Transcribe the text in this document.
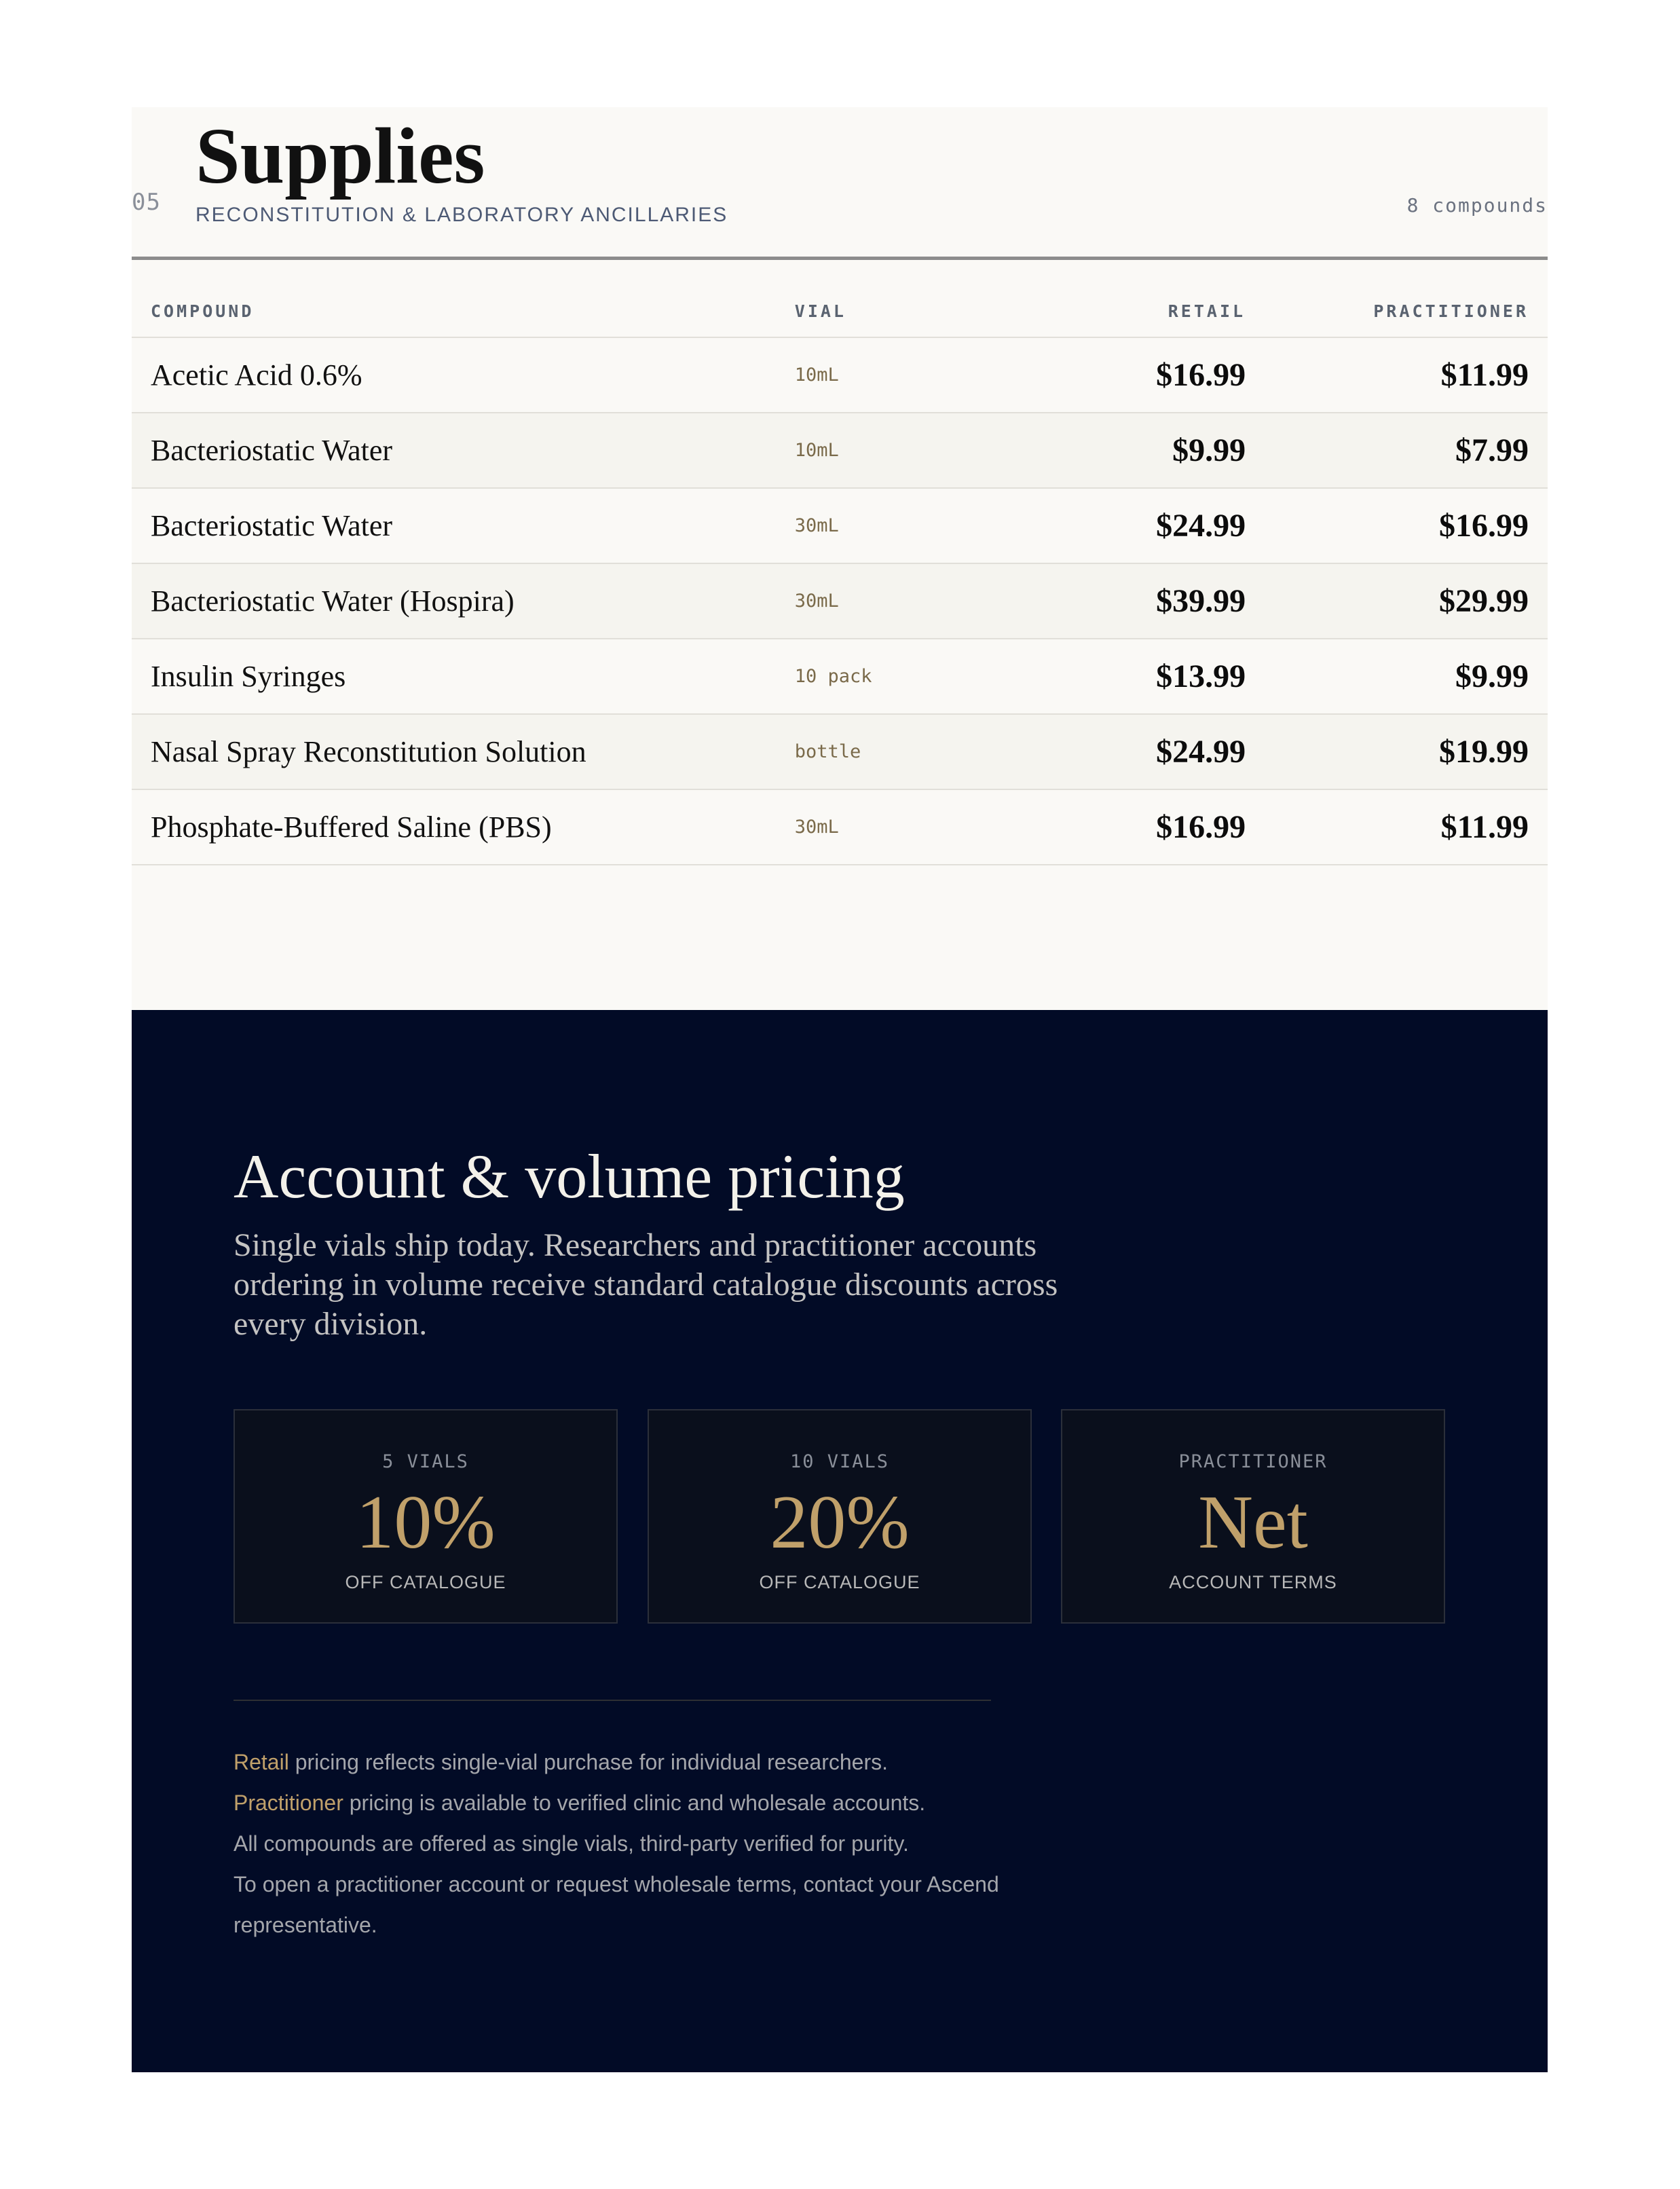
05
Supplies
RECONSTITUTION & LABORATORY ANCILLARIES	8 compounds
COMPOUND	VIAL	RETAIL	PRACTITIONER
Acetic Acid 0.6%	10mL	$16.99	$11.99
Bacteriostatic Water	10mL	$9.99	$7.99
Bacteriostatic Water	30mL	$24.99	$16.99
Bacteriostatic Water (Hospira)	30mL	$39.99	$29.99
Insulin Syringes	10 pack	$13.99	$9.99
Nasal Spray Reconstitution Solution	bottle	$24.99	$19.99
Phosphate-Buffered Saline (PBS)	30mL	$16.99	$11.99
Account & volume pricing

Single vials ship today. Researchers and practitioner accounts ordering in volume receive standard catalogue discounts across every division.

5 VIALS
10%
OFF CATALOGUE
10 VIALS
20%
OFF CATALOGUE
PRACTITIONER
Net
ACCOUNT TERMS

Retail pricing reflects single-vial purchase for individual researchers.
Practitioner pricing is available to verified clinic and wholesale accounts.
All compounds are offered as single vials, third-party verified for purity.
To open a practitioner account or request wholesale terms, contact your Ascend representative.
